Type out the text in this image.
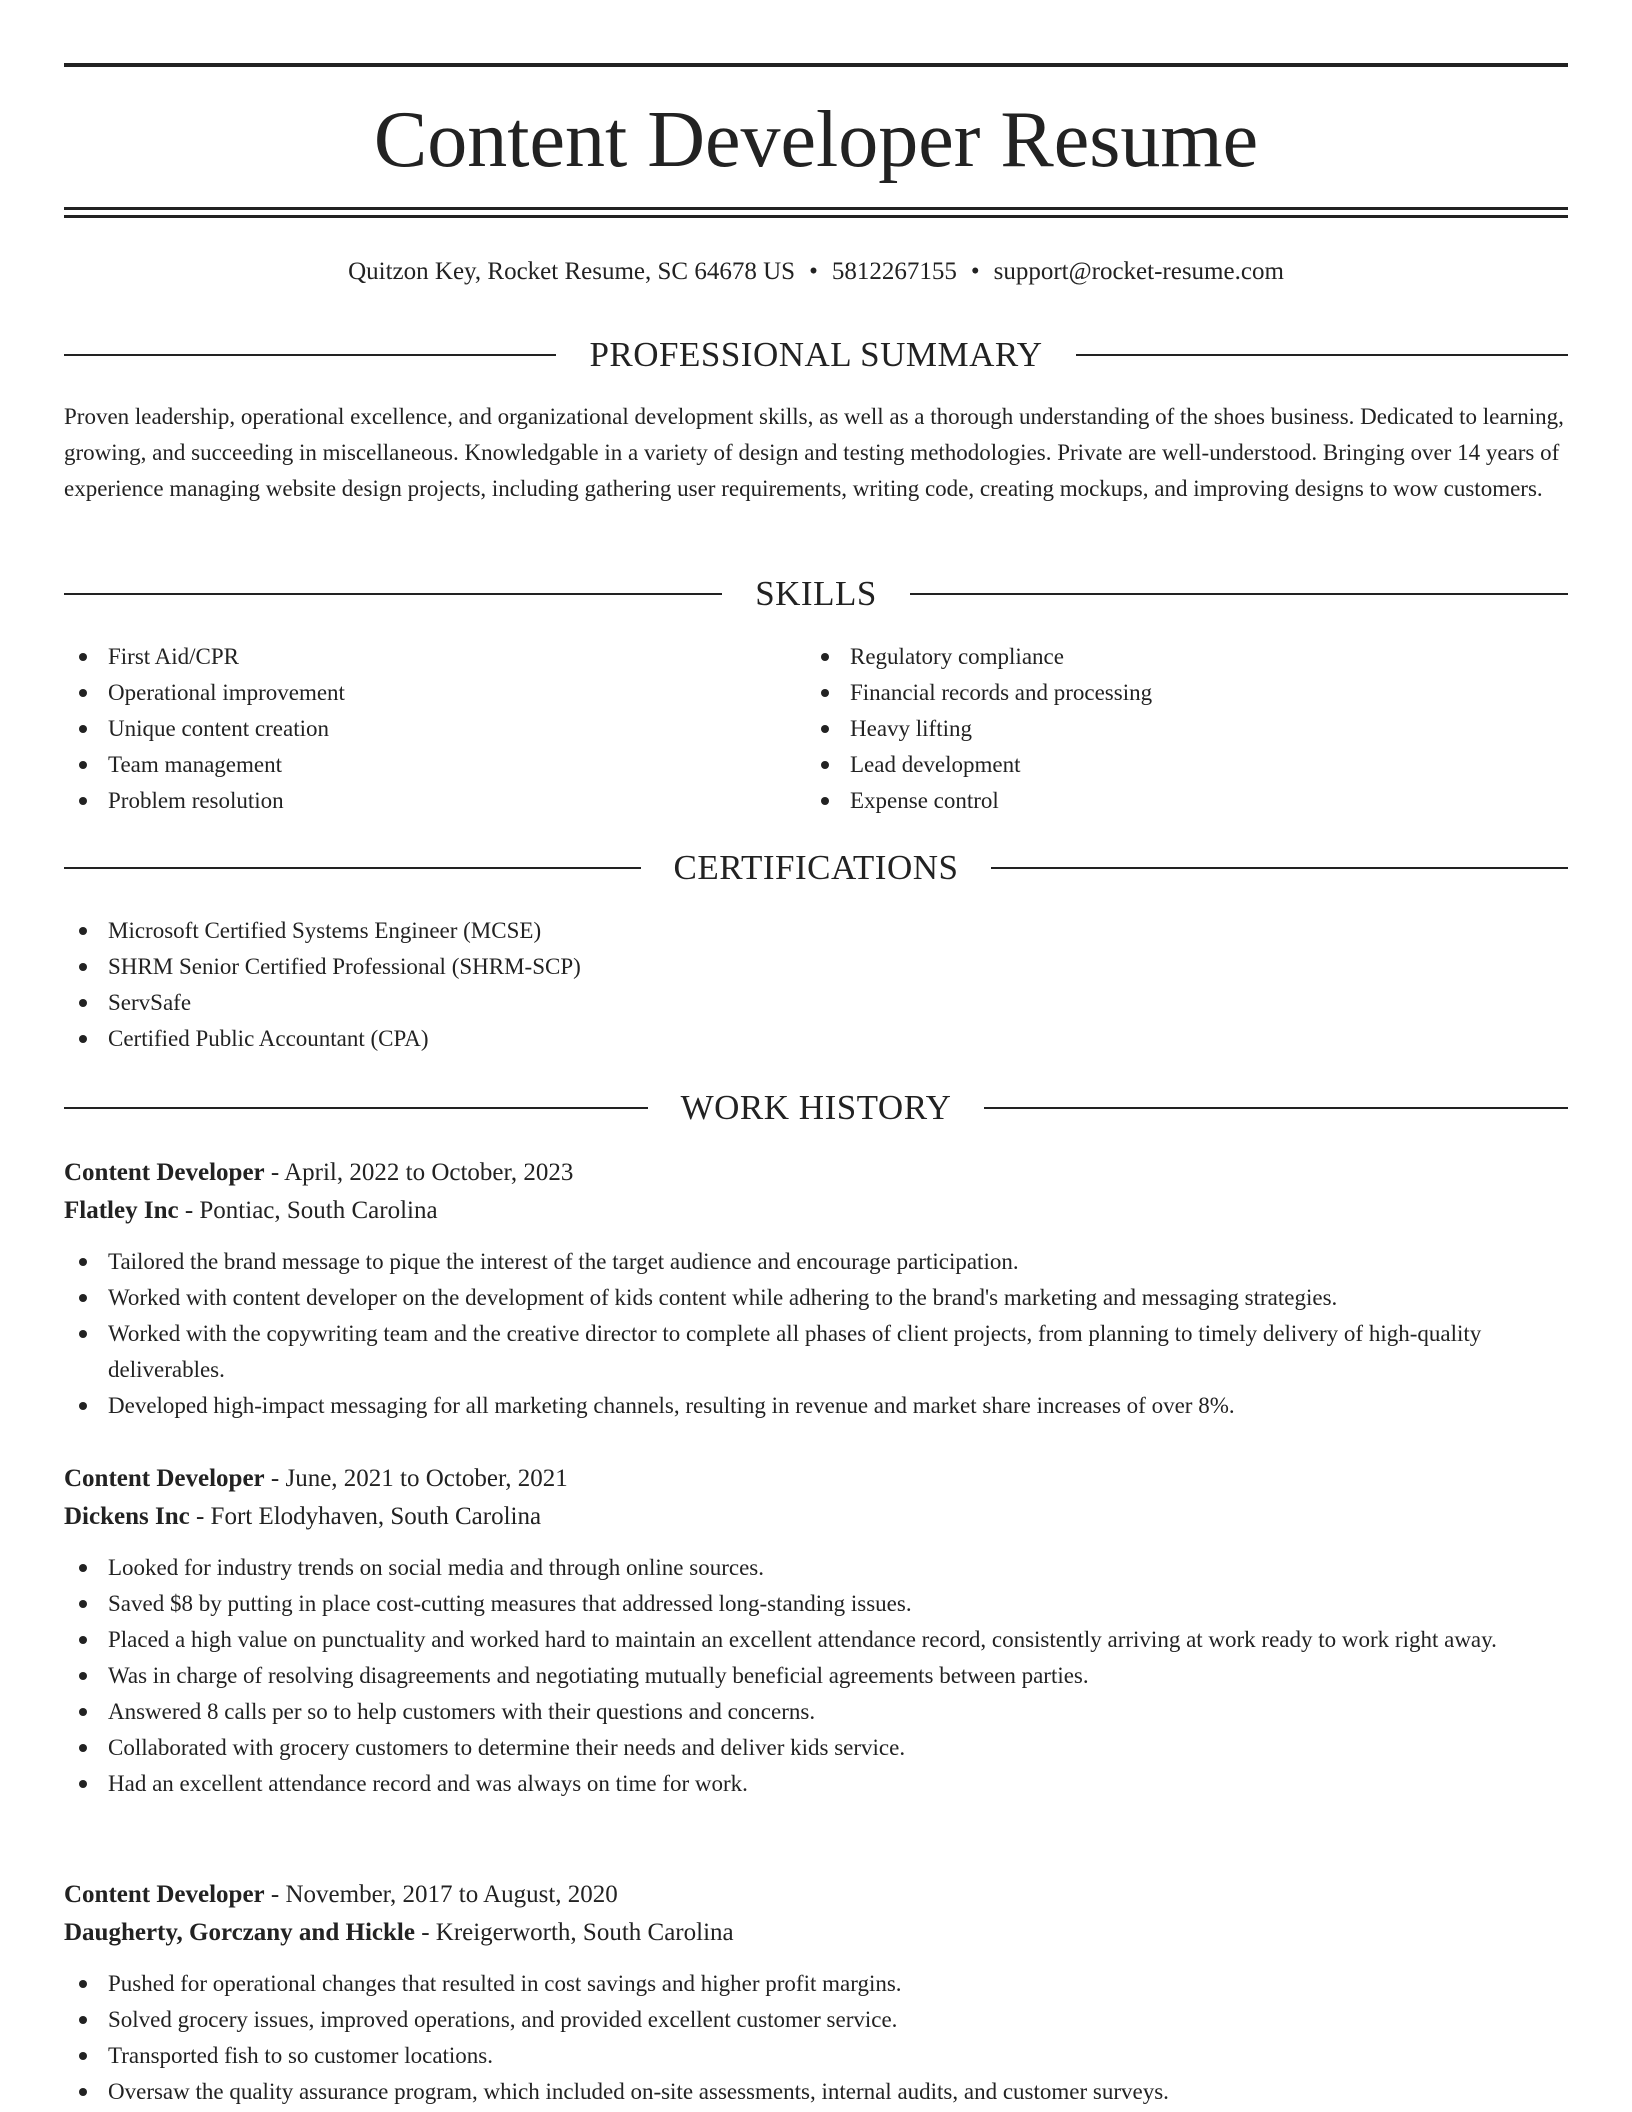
Content Developer Resume
Quitzon Key, Rocket Resume, SC 64678 US • 5812267155 • support@rocket-resume.com
PROFESSIONAL SUMMARY

Proven leadership, operational excellence, and organizational development skills, as well as a thorough understanding of the shoes business. Dedicated to learning, growing, and succeeding in miscellaneous. Knowledgable in a variety of design and testing methodologies. Private are well-understood. Bringing over 14 years of experience managing website design projects, including gathering user requirements, writing code, creating mockups, and improving designs to wow customers.

SKILLS
First Aid/CPR
Operational improvement
Unique content creation
Team management
Problem resolution
Regulatory compliance
Financial records and processing
Heavy lifting
Lead development
Expense control
CERTIFICATIONS
Microsoft Certified Systems Engineer (MCSE)
SHRM Senior Certified Professional (SHRM-SCP)
ServSafe
Certified Public Accountant (CPA)
WORK HISTORY
Content Developer - April, 2022 to October, 2023
Flatley Inc - Pontiac, South Carolina
Tailored the brand message to pique the interest of the target audience and encourage participation.
Worked with content developer on the development of kids content while adhering to the brand's marketing and messaging strategies.
Worked with the copywriting team and the creative director to complete all phases of client projects, from planning to timely delivery of high-quality deliverables.
Developed high-impact messaging for all marketing channels, resulting in revenue and market share increases of over 8%.
Content Developer - June, 2021 to October, 2021
Dickens Inc - Fort Elodyhaven, South Carolina
Looked for industry trends on social media and through online sources.
Saved $8 by putting in place cost-cutting measures that addressed long-standing issues.
Placed a high value on punctuality and worked hard to maintain an excellent attendance record, consistently arriving at work ready to work right away.
Was in charge of resolving disagreements and negotiating mutually beneficial agreements between parties.
Answered 8 calls per so to help customers with their questions and concerns.
Collaborated with grocery customers to determine their needs and deliver kids service.
Had an excellent attendance record and was always on time for work.
Content Developer - November, 2017 to August, 2020
Daugherty, Gorczany and Hickle - Kreigerworth, South Carolina
Pushed for operational changes that resulted in cost savings and higher profit margins.
Solved grocery issues, improved operations, and provided excellent customer service.
Transported fish to so customer locations.
Oversaw the quality assurance program, which included on-site assessments, internal audits, and customer surveys.
